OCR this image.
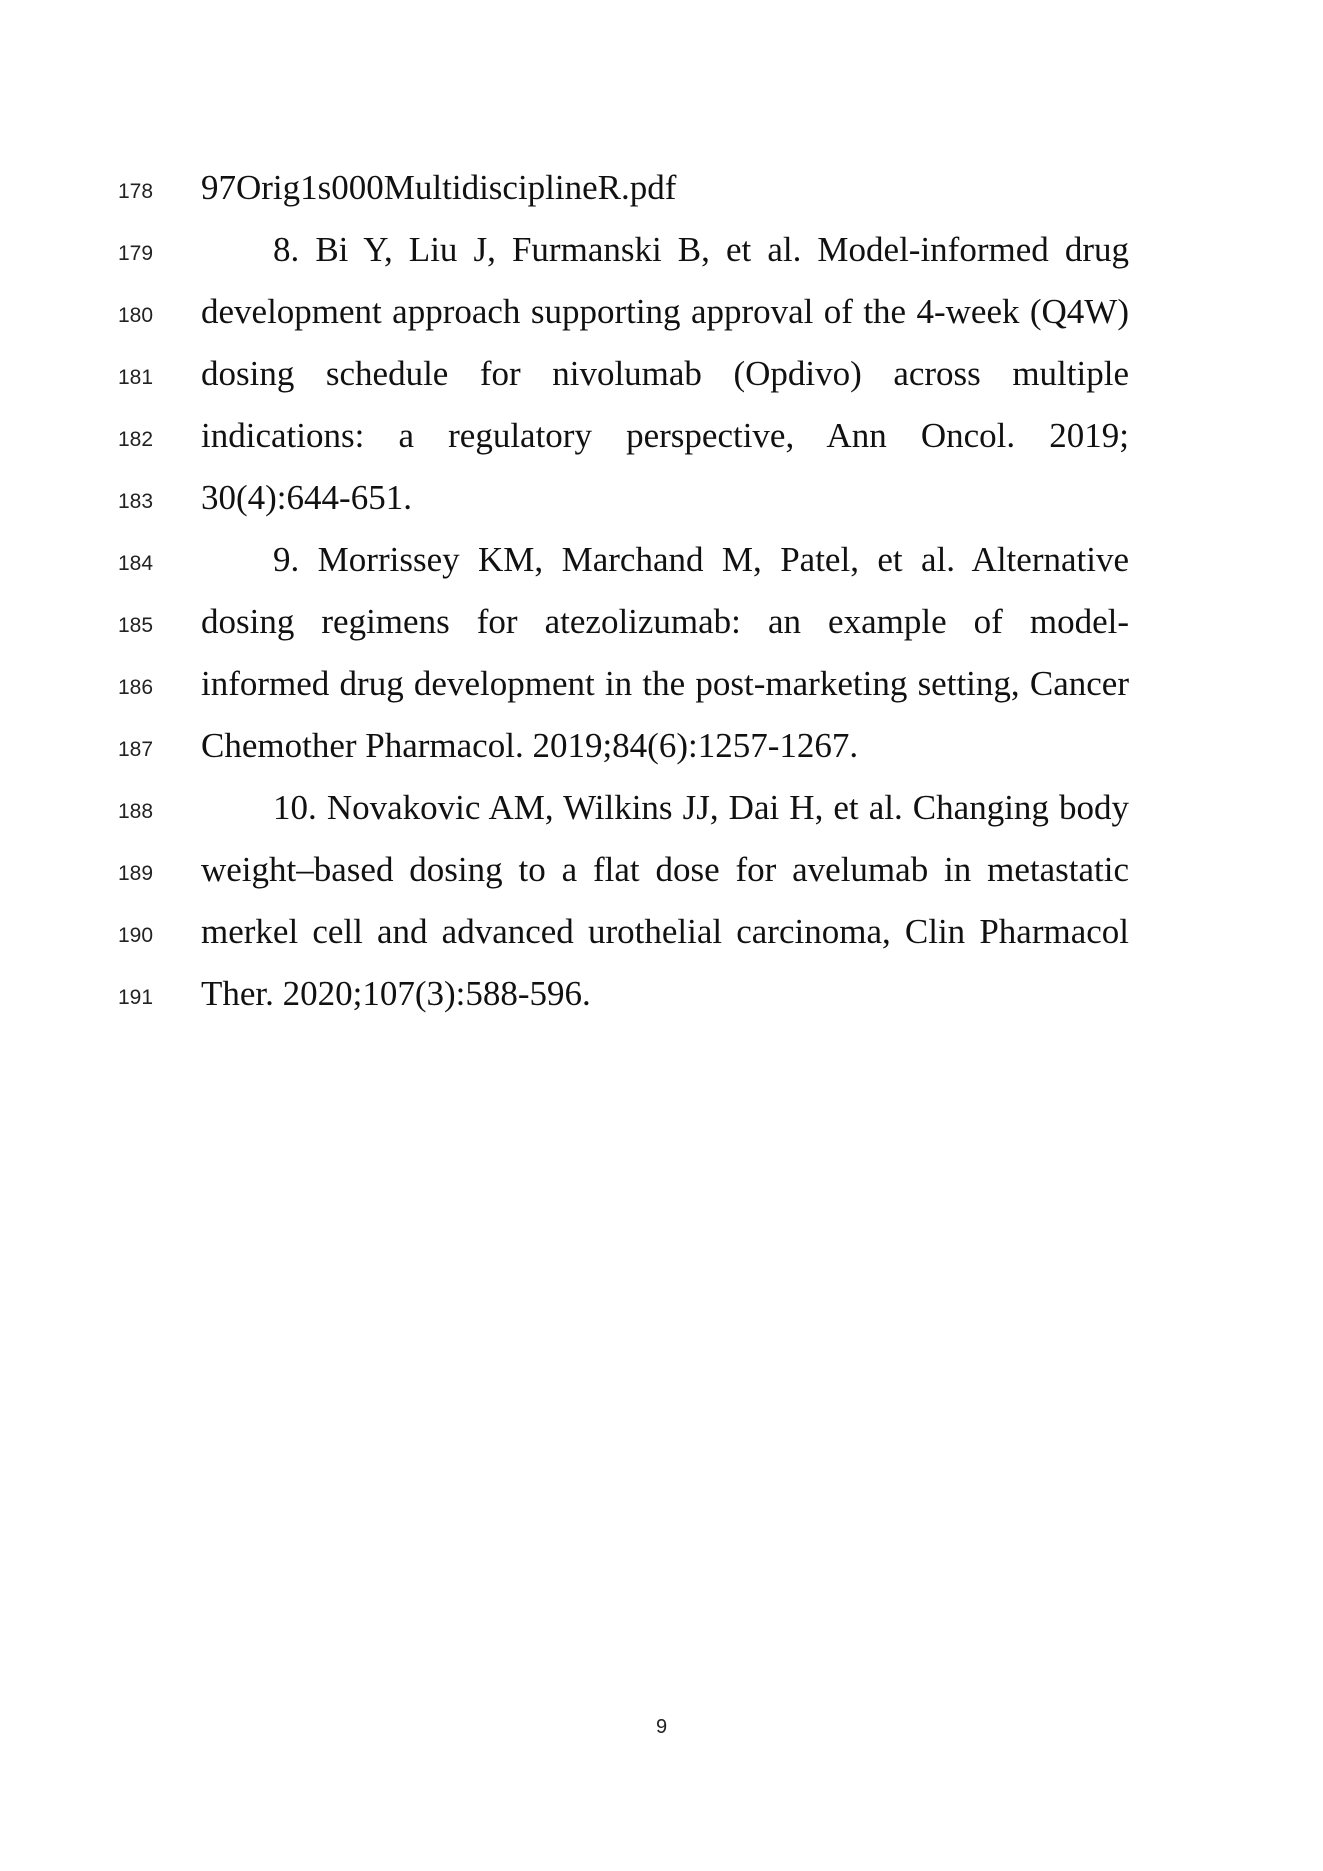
178 97Orig1s000MultidisciplineR.pdf
179	8. Bi Y, Liu J, Furmanski B, et al. Model-informed drug
180 development approach supporting approval of the 4-week (Q4W)
181 dosing schedule for nivolumab (Opdivo) across multiple
182 indications: a regulatory perspective, Ann Oncol. 2019;
183 30(4):644-651.
184	9. Morrissey KM, Marchand M, Patel, et al. Alternative
185 dosing regimens for atezolizumab: an example of model-
186 informed drug development in the post-marketing setting, Cancer
187 Chemother Pharmacol. 2019;84(6):1257-1267.
188	10. Novakovic AM, Wilkins JJ, Dai H, et al. Changing body
189 weight–based dosing to a flat dose for avelumab in metastatic
190 merkel cell and advanced urothelial carcinoma, Clin Pharmacol
191 Ther. 2020;107(3):588-596.
9
